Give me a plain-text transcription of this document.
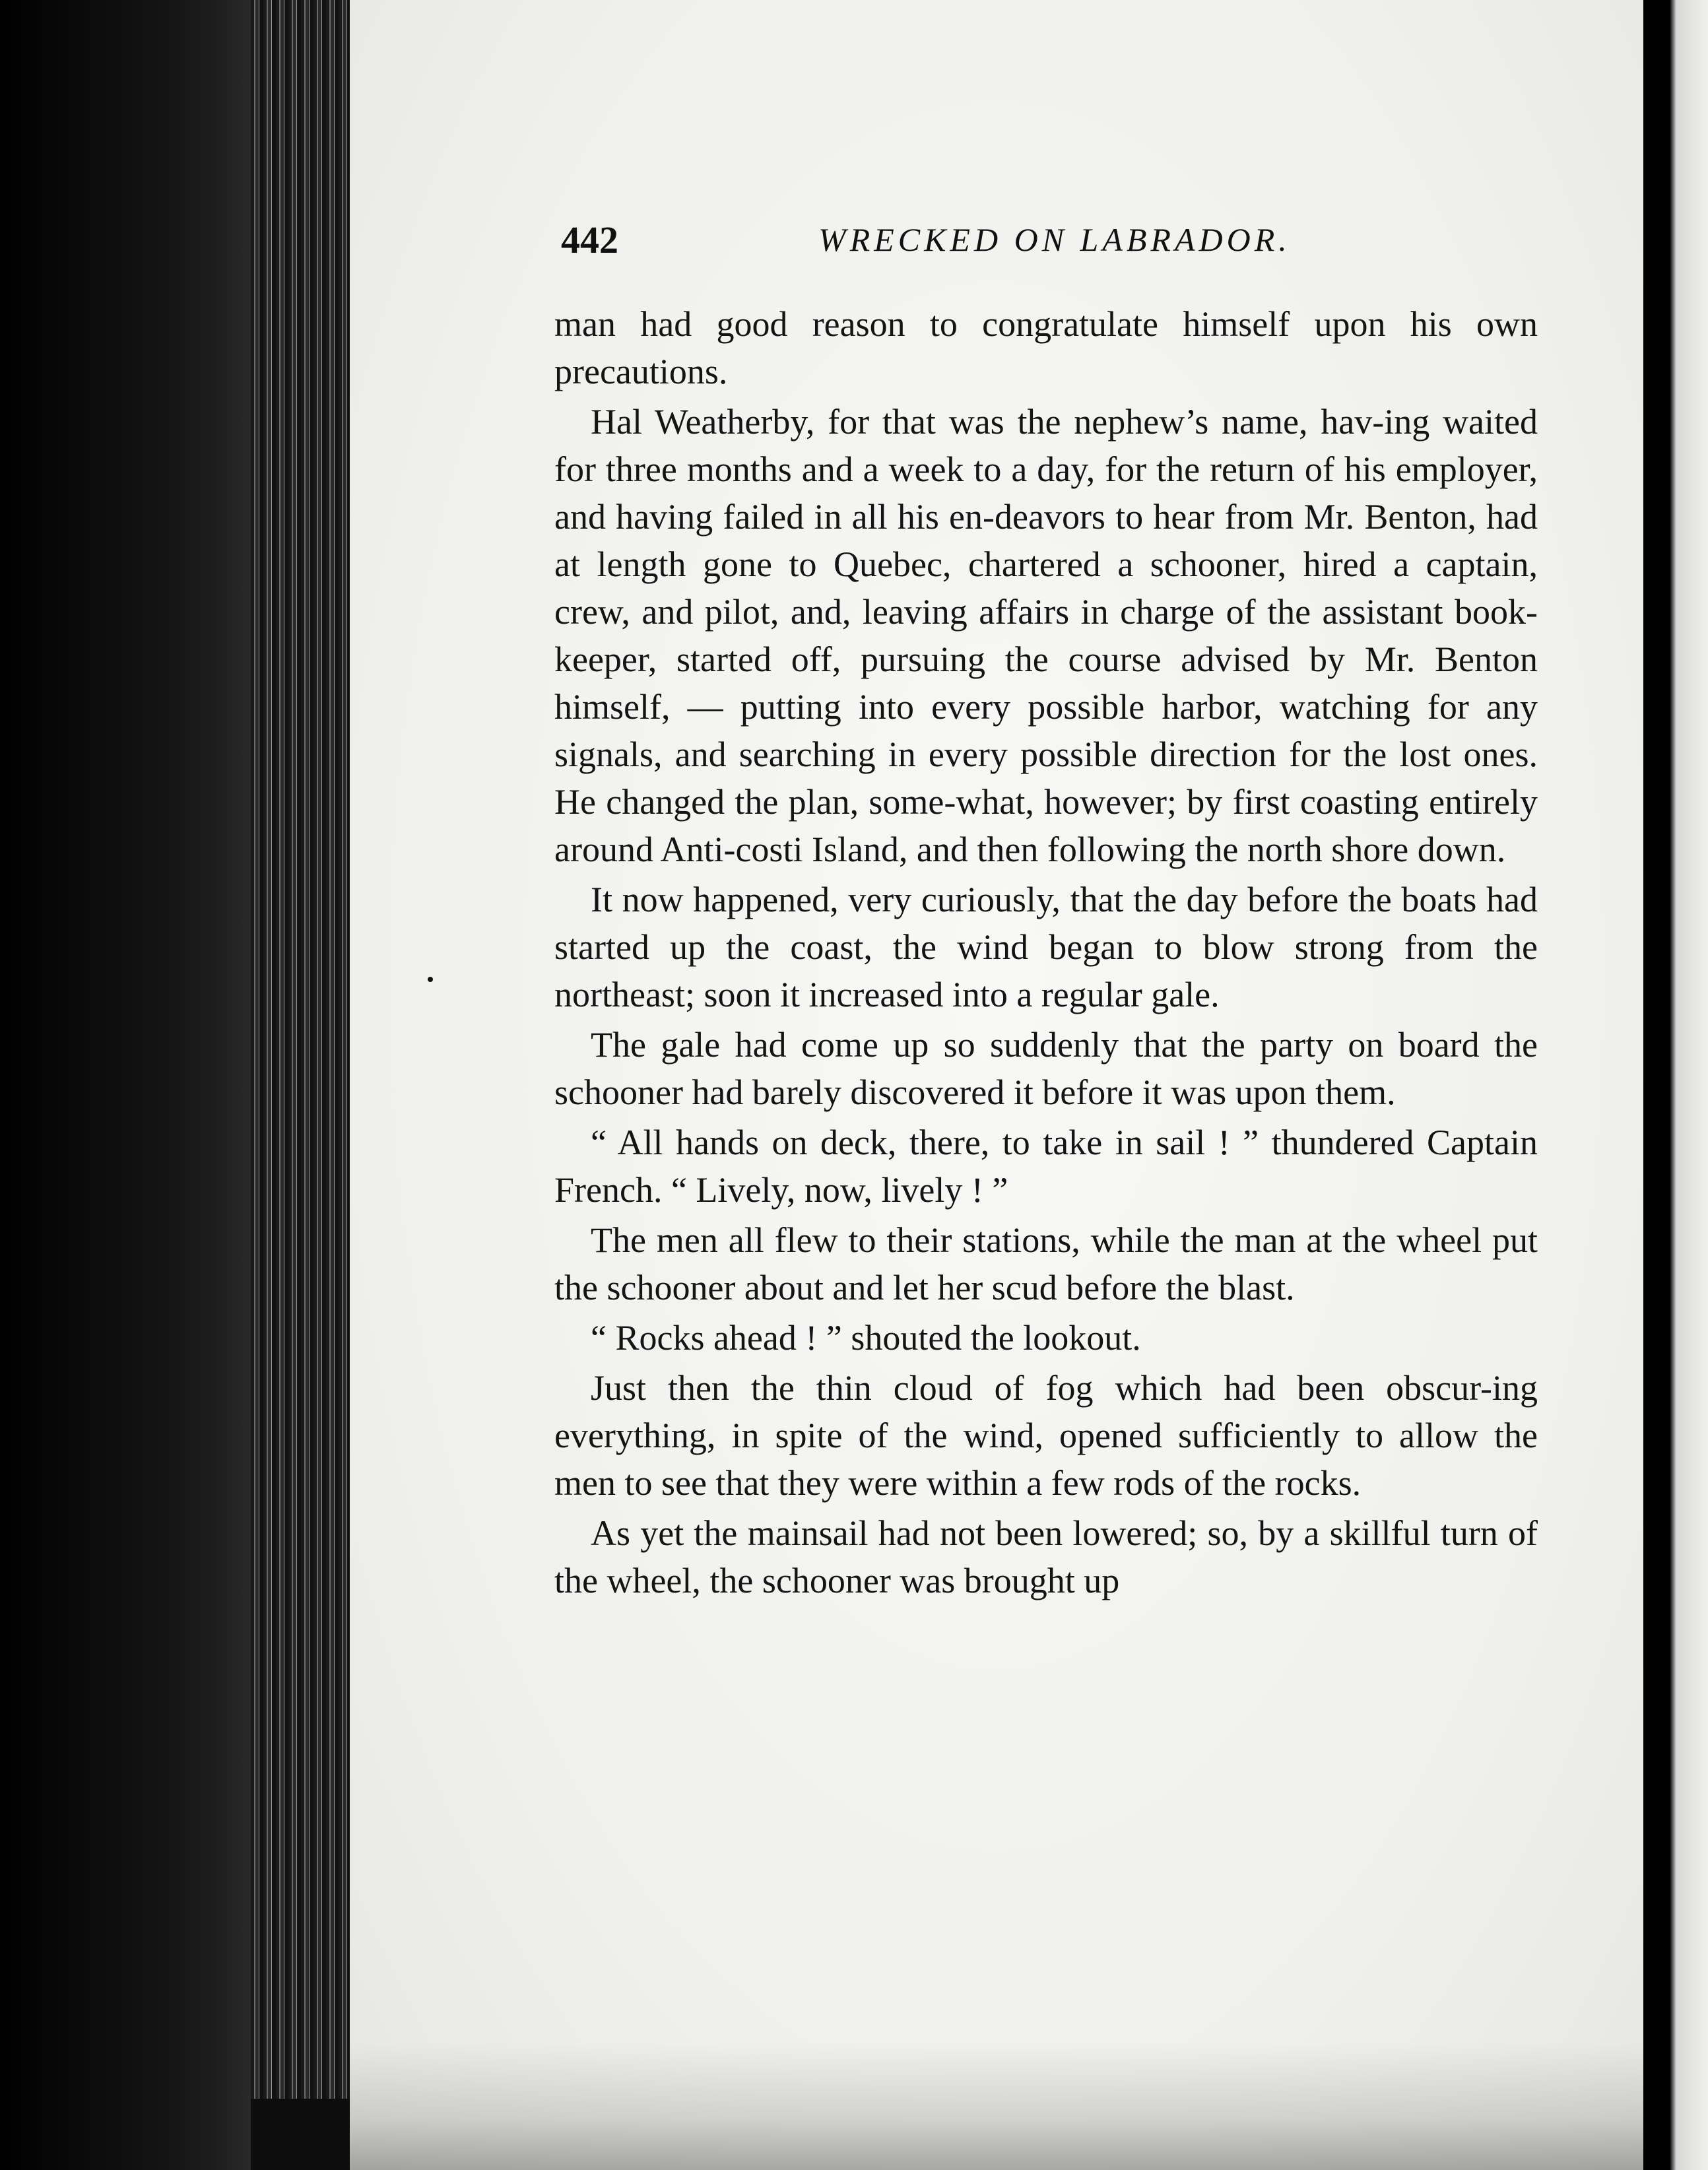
442	WRECKED ON LABRADOR.

man had good reason to congratulate himself upon his own precautions.

Hal Weatherby, for that was the nephew’s name, hav-ing waited for three months and a week to a day, for the return of his employer, and having failed in all his en-deavors to hear from Mr. Benton, had at length gone to Quebec, chartered a schooner, hired a captain, crew, and pilot, and, leaving affairs in charge of the assistant book-keeper, started off, pursuing the course advised by Mr. Benton himself, — putting into every possible harbor, watching for any signals, and searching in every possible direction for the lost ones. He changed the plan, some-what, however; by first coasting entirely around Anti-costi Island, and then following the north shore down.

It now happened, very curiously, that the day before the boats had started up the coast, the wind began to blow strong from the northeast; soon it increased into a regular gale.

The gale had come up so suddenly that the party on board the schooner had barely discovered it before it was upon them.

“ All hands on deck, there, to take in sail ! ” thundered Captain French. “ Lively, now, lively ! ”

The men all flew to their stations, while the man at the wheel put the schooner about and let her scud before the blast.

“ Rocks ahead ! ” shouted the lookout.

Just then the thin cloud of fog which had been obscur-ing everything, in spite of the wind, opened sufficiently to allow the men to see that they were within a few rods of the rocks.

As yet the mainsail had not been lowered; so, by a skillful turn of the wheel, the schooner was brought up
